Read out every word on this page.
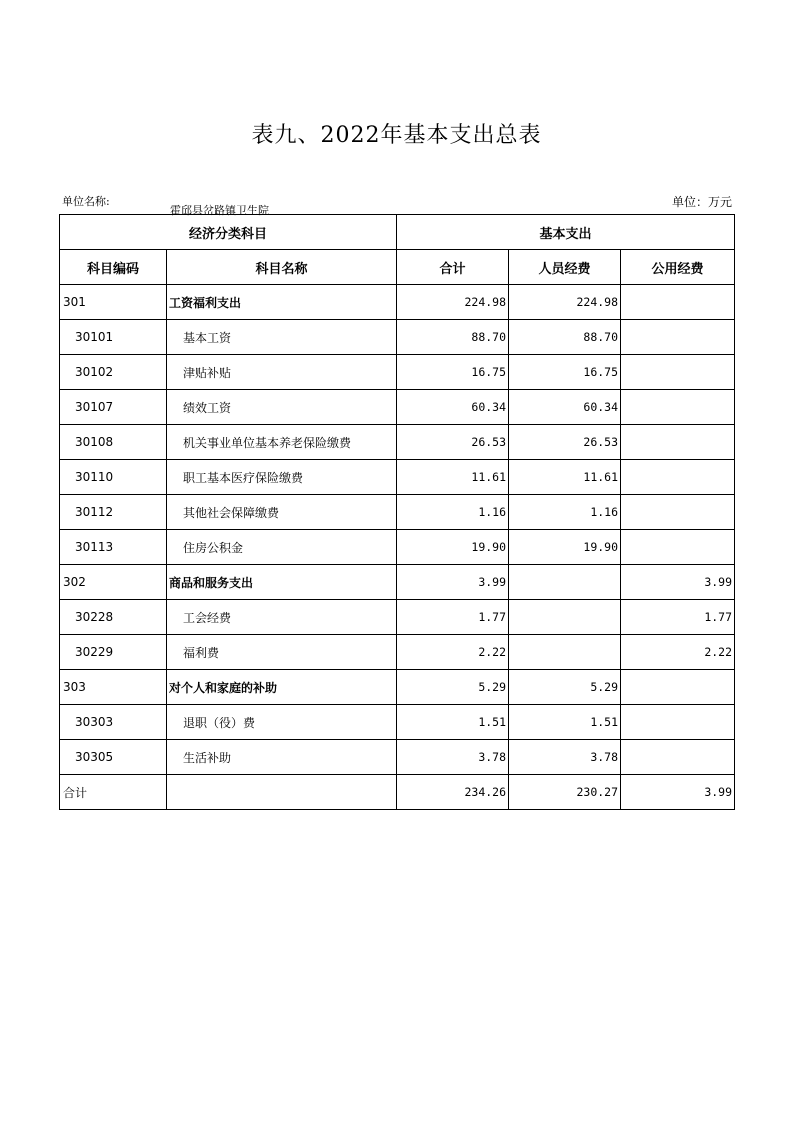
表九、2022年基本支出总表
单位名称:
霍邱县岔路镇卫生院
单位：万元
经济分类科目		基本支出		
科目编码	科目名称	合计	人员经费	公用经费
301	工资福利支出	224.98	224.98	
30101	基本工资	88.70	88.70	
30102	津贴补贴	16.75	16.75	
30107	绩效工资	60.34	60.34	
30108	机关事业单位基本养老保险缴费	26.53	26.53	
30110	职工基本医疗保险缴费	11.61	11.61	
30112	其他社会保障缴费	1.16	1.16	
30113	住房公积金	19.90	19.90	
302	商品和服务支出	3.99		3.99
30228	工会经费	1.77		1.77
30229	福利费	2.22		2.22
303	对个人和家庭的补助	5.29	5.29	
30303	退职（役）费	1.51	1.51	
30305	生活补助	3.78	3.78	
合计		234.26	230.27	3.99
